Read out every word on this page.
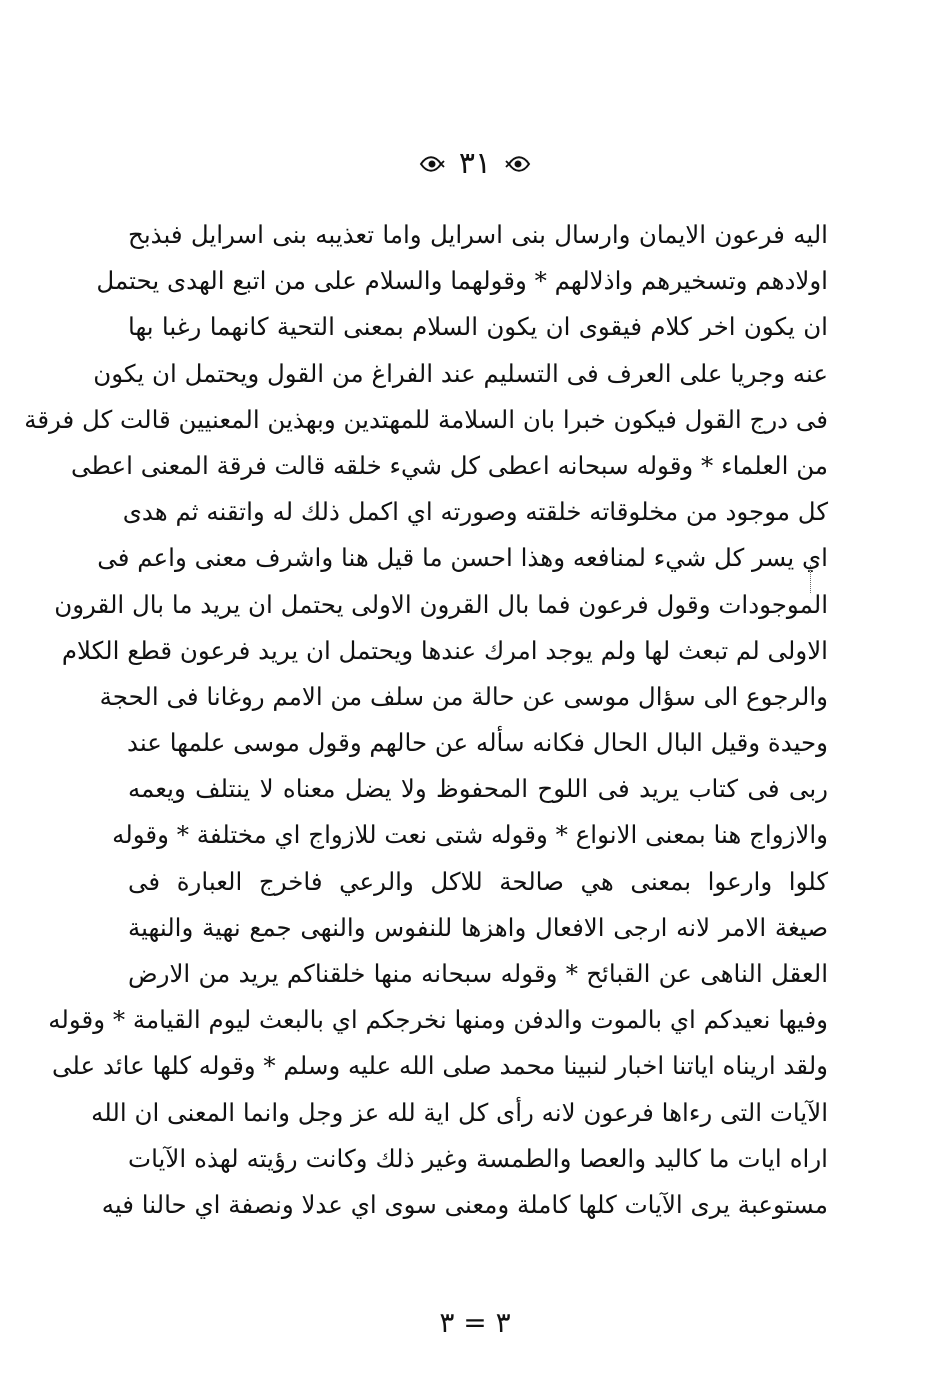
٣١
اليه فرعون الايمان وارسال بنى اسرايل واما تعذيبه بنى اسرايل فبذبح
اولادهم وتسخيرهم واذلالهم * وقولهما والسلام على من اتبع الهدى يحتمل
ان يكون اخر كلام فيقوى ان يكون السلام بمعنى التحية كانهما رغبا بها
عنه وجريا على العرف فى التسليم عند الفراغ من القول ويحتمل ان يكون
فى درج القول فيكون خبرا بان السلامة للمهتدين وبهذين المعنيين قالت كل فرقة
من العلماء * وقوله سبحانه اعطى كل شيء خلقه قالت فرقة المعنى اعطى
كل موجود من مخلوقاته خلقته وصورته اي اكمل ذلك له واتقنه ثم هدى
اي يسر كل شيء لمنافعه وهذا احسن ما قيل هنا واشرف معنى واعم فى
الموجودات وقول فرعون فما بال القرون الاولى يحتمل ان يريد ما بال القرون
الاولى لم تبعث لها ولم يوجد امرك عندها ويحتمل ان يريد فرعون قطع الكلام
والرجوع الى سؤال موسى عن حالة من سلف من الامم روغانا فى الحجة
وحيدة وقيل البال الحال فكانه سأله عن حالهم وقول موسى علمها عند
ربى فى كتاب يريد فى اللوح المحفوظ ولا يضل معناه لا ينتلف ويعمه
والازواج هنا بمعنى الانواع * وقوله شتى نعت للازواج اي مختلفة * وقوله
كلوا وارعوا بمعنى هي صالحة للاكل والرعي فاخرج العبارة فى
صيغة الامر لانه ارجى الافعال واهزها للنفوس والنهى جمع نهية والنهية
العقل الناهى عن القبائح * وقوله سبحانه منها خلقناكم يريد من الارض
وفيها نعيدكم اي بالموت والدفن ومنها نخرجكم اي بالبعث ليوم القيامة * وقوله
ولقد اريناه اياتنا اخبار لنبينا محمد صلى الله عليه وسلم * وقوله كلها عائد على
الآيات التى رءاها فرعون لانه رأى كل اية لله عز وجل وانما المعنى ان الله
اراه ايات ما كاليد والعصا والطمسة وغير ذلك وكانت رؤيته لهذه الآيات
مستوعبة يرى الآيات كلها كاملة ومعنى سوى اي عدلا ونصفة اي حالنا فيه
٣ = ٣
